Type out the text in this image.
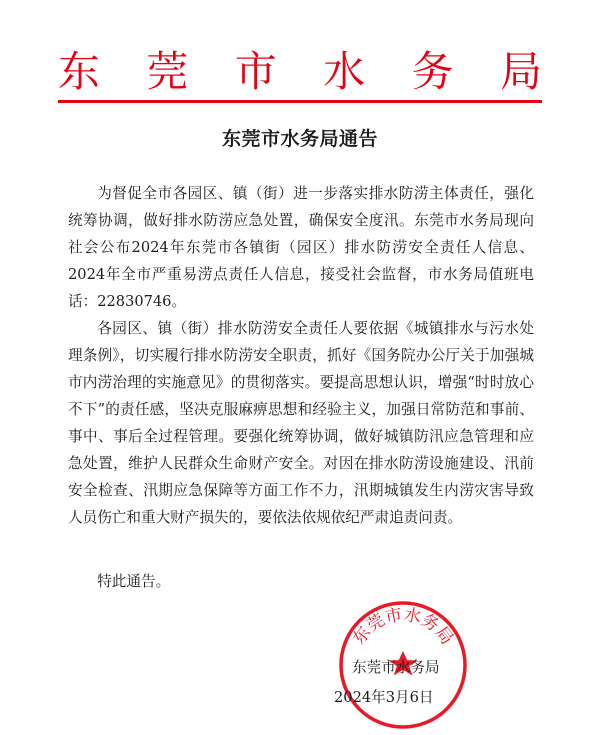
东 莞 市 水 务 局
东莞市水务局通告

为督促全市各园区、镇（街）进一步落实排水防涝主体责任，强化统筹协调，做好排水防涝应急处置，确保安全度汛。东莞市水务局现向社会公布2024年东莞市各镇街（园区）排水防涝安全责任人信息、2024年全市严重易涝点责任人信息，接受社会监督，市水务局值班电话：22830746。

各园区、镇（街）排水防涝安全责任人要依据《城镇排水与污水处理条例》，切实履行排水防涝安全职责，抓好《国务院办公厅关于加强城市内涝治理的实施意见》的贯彻落实。要提高思想认识，增强“时时放心不下”的责任感，坚决克服麻痹思想和经验主义，加强日常防范和事前、事中、事后全过程管理。要强化统筹协调，做好城镇防汛应急管理和应急处置，维护人民群众生命财产安全。对因在排水防涝设施建设、汛前安全检查、汛期应急保障等方面工作不力，汛期城镇发生内涝灾害导致人员伤亡和重大财产损失的，要依法依规依纪严肃追责问责。

特此通告。
东莞市水务局
东莞市水务局
2024年3月6日
